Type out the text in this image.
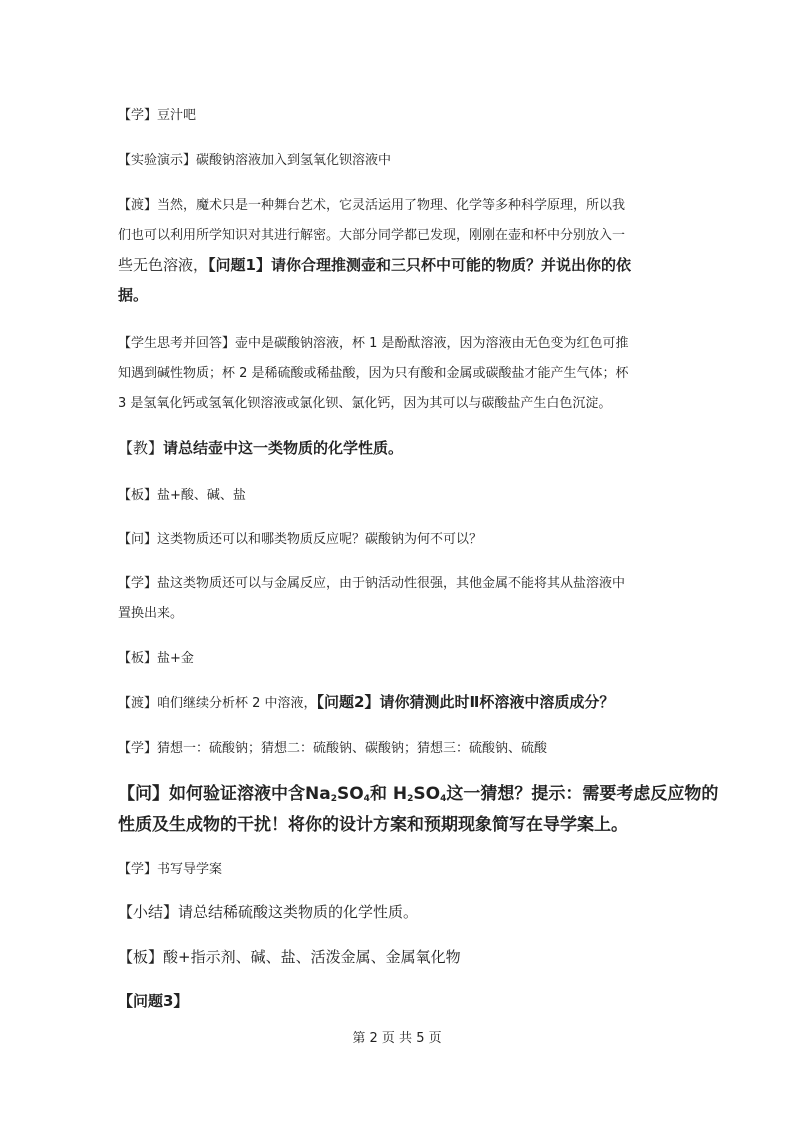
【学】豆汁吧

【实验演示】碳酸钠溶液加入到氢氧化钡溶液中

【渡】当然，魔术只是一种舞台艺术，它灵活运用了物理、化学等多种科学原理，所以我

们也可以利用所学知识对其进行解密。大部分同学都已发现，刚刚在壶和杯中分别放入一

些无色溶液，【问题1】请你合理推测壶和三只杯中可能的物质？并说出你的依

据。

【学生思考并回答】壶中是碳酸钠溶液，杯 1 是酚酞溶液，因为溶液由无色变为红色可推

知遇到碱性物质；杯 2 是稀硫酸或稀盐酸，因为只有酸和金属或碳酸盐才能产生气体；杯

3 是氢氧化钙或氢氧化钡溶液或氯化钡、氯化钙，因为其可以与碳酸盐产生白色沉淀。

【教】请总结壶中这一类物质的化学性质。

【板】盐+酸、碱、盐

【问】这类物质还可以和哪类物质反应呢？碳酸钠为何不可以？

【学】盐这类物质还可以与金属反应，由于钠活动性很强，其他金属不能将其从盐溶液中

置换出来。

【板】盐+金

【渡】咱们继续分析杯 2 中溶液，【问题2】请你猜测此时Ⅱ杯溶液中溶质成分？

【学】猜想一：硫酸钠；猜想二：硫酸钠、碳酸钠；猜想三：硫酸钠、硫酸

【问】如何验证溶液中含$Na_2SO_4$和 $H_2SO_4$这一猜想？提示：需要考虑反应物的

性质及生成物的干扰！将你的设计方案和预期现象简写在导学案上。

【学】书写导学案

【小结】请总结稀硫酸这类物质的化学性质。

【板】酸+指示剂、碱、盐、活泼金属、金属氧化物

【问题3】

第 2 页 共 5 页
